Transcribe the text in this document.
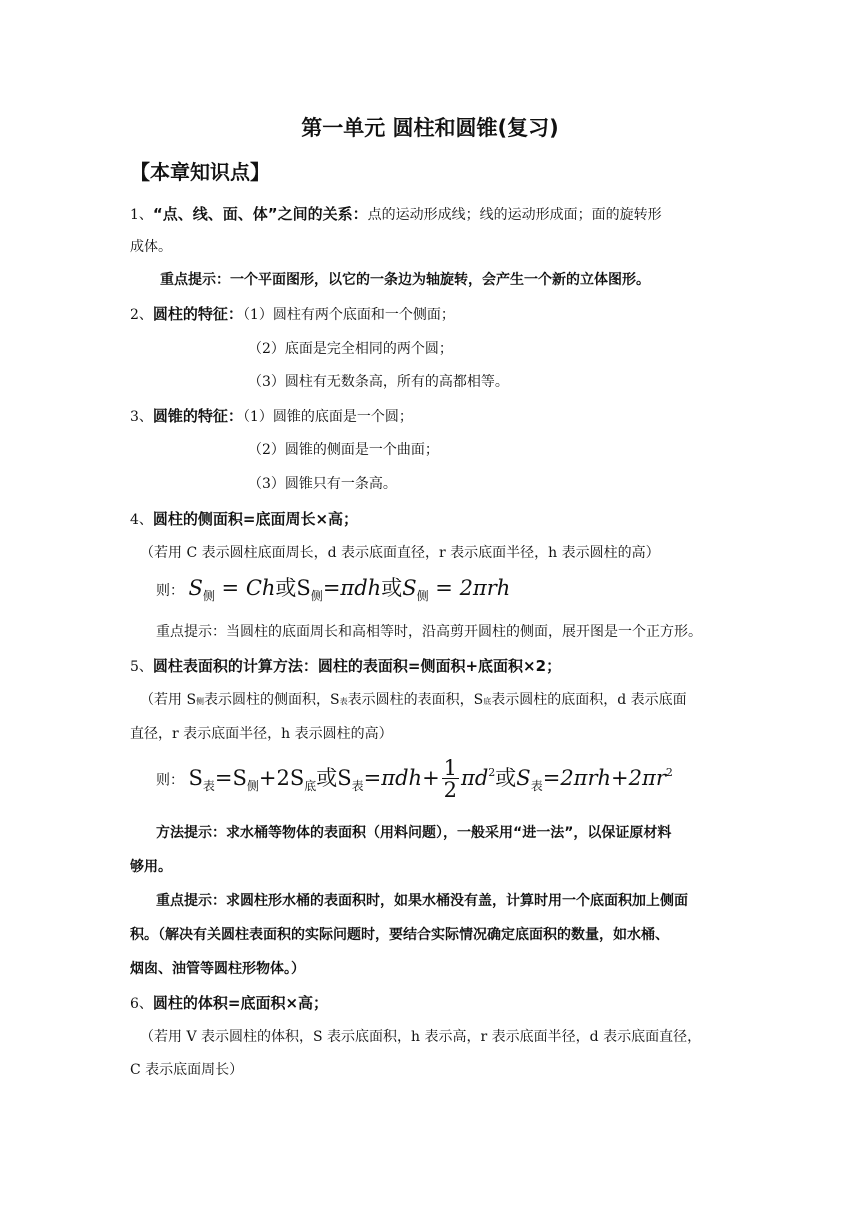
第一单元 圆柱和圆锥(复习)
【本章知识点】
1、“点、线、面、体”之间的关系：点的运动形成线；线的运动形成面；面的旋转形
成体。
重点提示：一个平面图形，以它的一条边为轴旋转，会产生一个新的立体图形。
2、圆柱的特征：（1）圆柱有两个底面和一个侧面；
（2）底面是完全相同的两个圆；
（3）圆柱有无数条高，所有的高都相等。
3、圆锥的特征：（1）圆锥的底面是一个圆；
（2）圆锥的侧面是一个曲面；
（3）圆锥只有一条高。
4、圆柱的侧面积=底面周长×高；
（若用 C 表示圆柱底面周长，d 表示底面直径，r 表示底面半径，h 表示圆柱的高）
则： $S_侧 = Ch$或$S_侧=\pi dh$或$S_侧 = 2\pi rh$
重点提示：当圆柱的底面周长和高相等时，沿高剪开圆柱的侧面，展开图是一个正方形。
5、圆柱表面积的计算方法：圆柱的表面积=侧面积+底面积×2；
（若用 S侧表示圆柱的侧面积，S表表示圆柱的表面积，S底表示圆柱的底面积，d 表示底面
直径，r 表示底面半径，h 表示圆柱的高）
则： $S_表=S_侧+2S_底$或$S_表=\pi dh+ \frac{1}{2} \pi d^2$或$S_表=2\pi rh+2\pi r^2$
方法提示：求水桶等物体的表面积（用料问题），一般采用“进一法”，以保证原材料
够用。
重点提示：求圆柱形水桶的表面积时，如果水桶没有盖，计算时用一个底面积加上侧面
积。（解决有关圆柱表面积的实际问题时，要结合实际情况确定底面积的数量，如水桶、
烟囱、油管等圆柱形物体。）
6、圆柱的体积=底面积×高；
（若用 V 表示圆柱的体积，S 表示底面积，h 表示高，r 表示底面半径，d 表示底面直径，
C 表示底面周长）
